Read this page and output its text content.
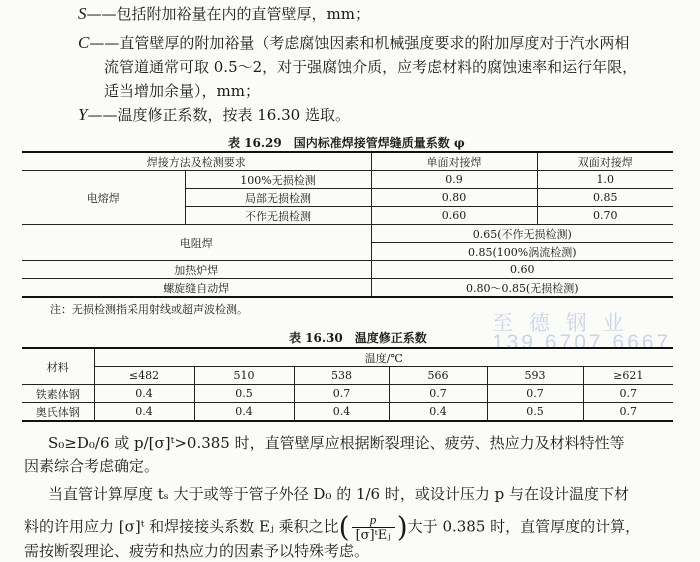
S——包括附加裕量在内的直管壁厚，mm；
C——直管壁厚的附加裕量（考虑腐蚀因素和机械强度要求的附加厚度对于汽水两相
流管道通常可取 0.5～2，对于强腐蚀介质，应考虑材料的腐蚀速率和运行年限，
适当增加余量），mm；
Y——温度修正系数，按表 16.30 选取。
表 16.29　国内标准焊接管焊缝质量系数 φ
焊接方法及检测要求		单面对接焊	双面对接焊
电熔焊	100%无损检测	0.9	1.0
	局部无损检测	0.80	0.85
	不作无损检测	0.60	0.70
电阻焊		0.65(不作无损检测)	
		0.85(100%涡流检测)	
加热炉焊		0.60	
螺旋缝自动焊		0.80～0.85(无损检测)	
注：无损检测指采用射线或超声波检测。
至 德 钢 业
139 6707 6667
表 16.30　温度修正系数
材料	温度/℃					
	≤482	510	538	566	593	≥621
铁素体钢	0.4	0.5	0.7	0.7	0.7	0.7
奥氏体钢	0.4	0.4	0.4	0.4	0.5	0.7
S₀≥D₀/6 或 p/[σ]ᵗ>0.385 时，直管壁厚应根据断裂理论、疲劳、热应力及材料特性等
因素综合考虑确定。
当直管计算厚度 tₛ 大于或等于管子外径 D₀ 的 1/6 时，或设计压力 p 与在设计温度下材
料的许用应力 [σ]ᵗ 和焊接接头系数 Eⱼ 乘积之比( $\frac{p}{\text{[σ]ᵗEⱼ}}$ )大于 0.385 时，直管厚度的计算，
需按断裂理论、疲劳和热应力的因素予以特殊考虑。
